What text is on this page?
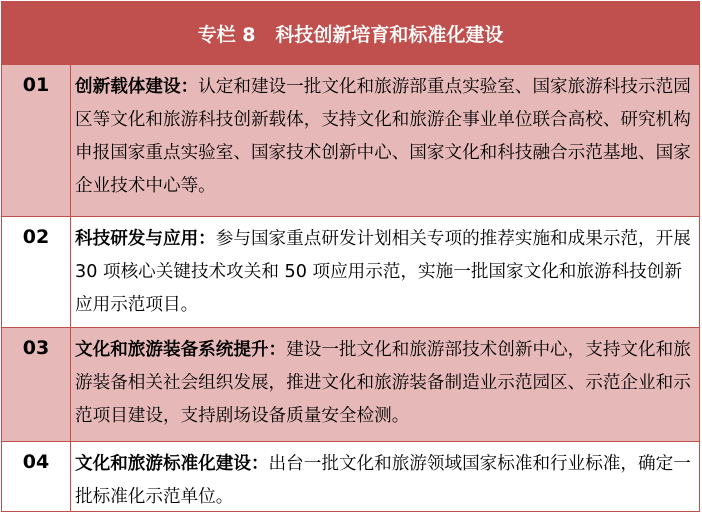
专栏 8   科技创新培育和标准化建设
01	创新载体建设：认定和建设一批文化和旅游部重点实验室、国家旅游科技示范园区等文化和旅游科技创新载体，支持文化和旅游企事业单位联合高校、研究机构申报国家重点实验室、国家技术创新中心、国家文化和科技融合示范基地、国家企业技术中心等。
02	科技研发与应用：参与国家重点研发计划相关专项的推荐实施和成果示范，开展 30 项核心关键技术攻关和 50 项应用示范，实施一批国家文化和旅游科技创新应用示范项目。
03	文化和旅游装备系统提升：建设一批文化和旅游部技术创新中心，支持文化和旅游装备相关社会组织发展，推进文化和旅游装备制造业示范园区、示范企业和示范项目建设，支持剧场设备质量安全检测。
04	文化和旅游标准化建设：出台一批文化和旅游领域国家标准和行业标准，确定一批标准化示范单位。
